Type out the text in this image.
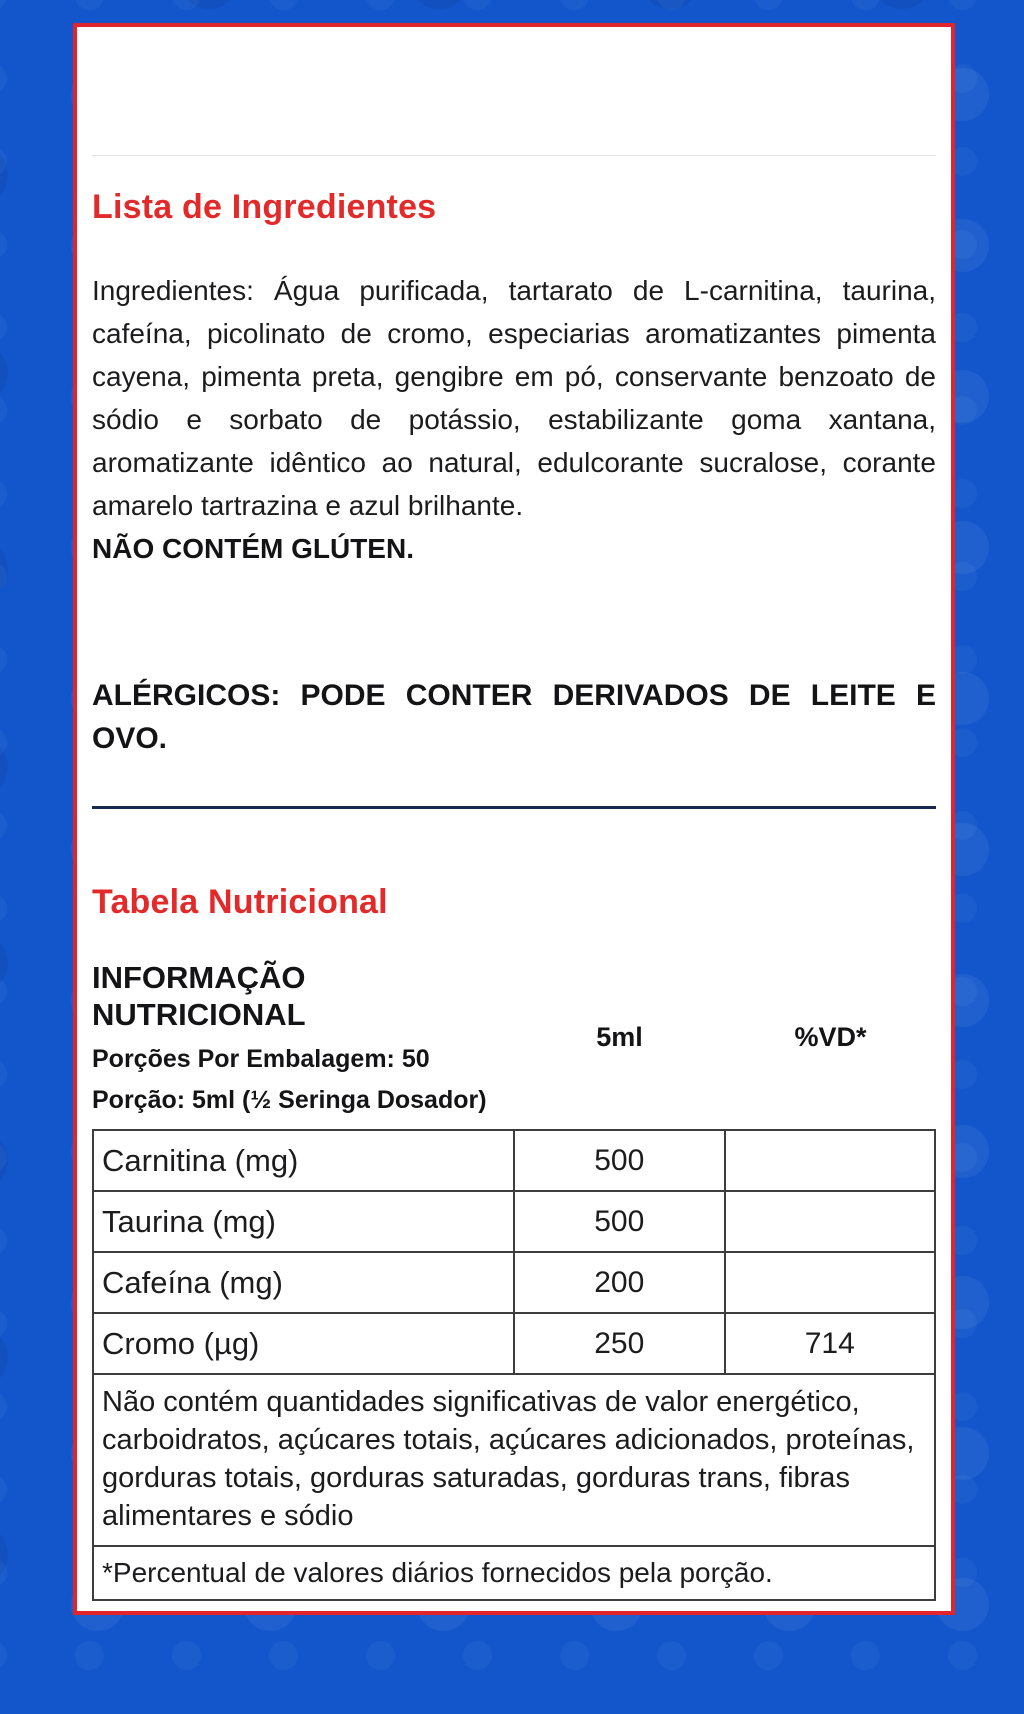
Lista de Ingredientes

Ingredientes: Água purificada, tartarato de L-carnitina, taurina, cafeína, picolinato de cromo, especiarias aromatizantes pimenta cayena, pimenta preta, gengibre em pó, conservante benzoato de sódio e sorbato de potássio, estabilizante goma xantana, aromatizante idêntico ao natural, edulcorante sucralose, corante amarelo tartrazina e azul brilhante.
NÃO CONTÉM GLÚTEN.

ALÉRGICOS: PODE CONTER DERIVADOS DE LEITE E OVO.

Tabela Nutricional
INFORMAÇÃO NUTRICIONAL
Porções Por Embalagem: 50
Porção: 5ml (½ Seringa Dosador)
5ml	%VD*
Carnitina (mg)	500	
Taurina (mg)	500	
Cafeína (mg)	200	
Cromo (µg)	250	714
Não contém quantidades significativas de valor energético, carboidratos, açúcares totais, açúcares adicionados, proteínas, gorduras totais, gorduras saturadas, gorduras trans, fibras alimentares e sódio		
*Percentual de valores diários fornecidos pela porção.		
